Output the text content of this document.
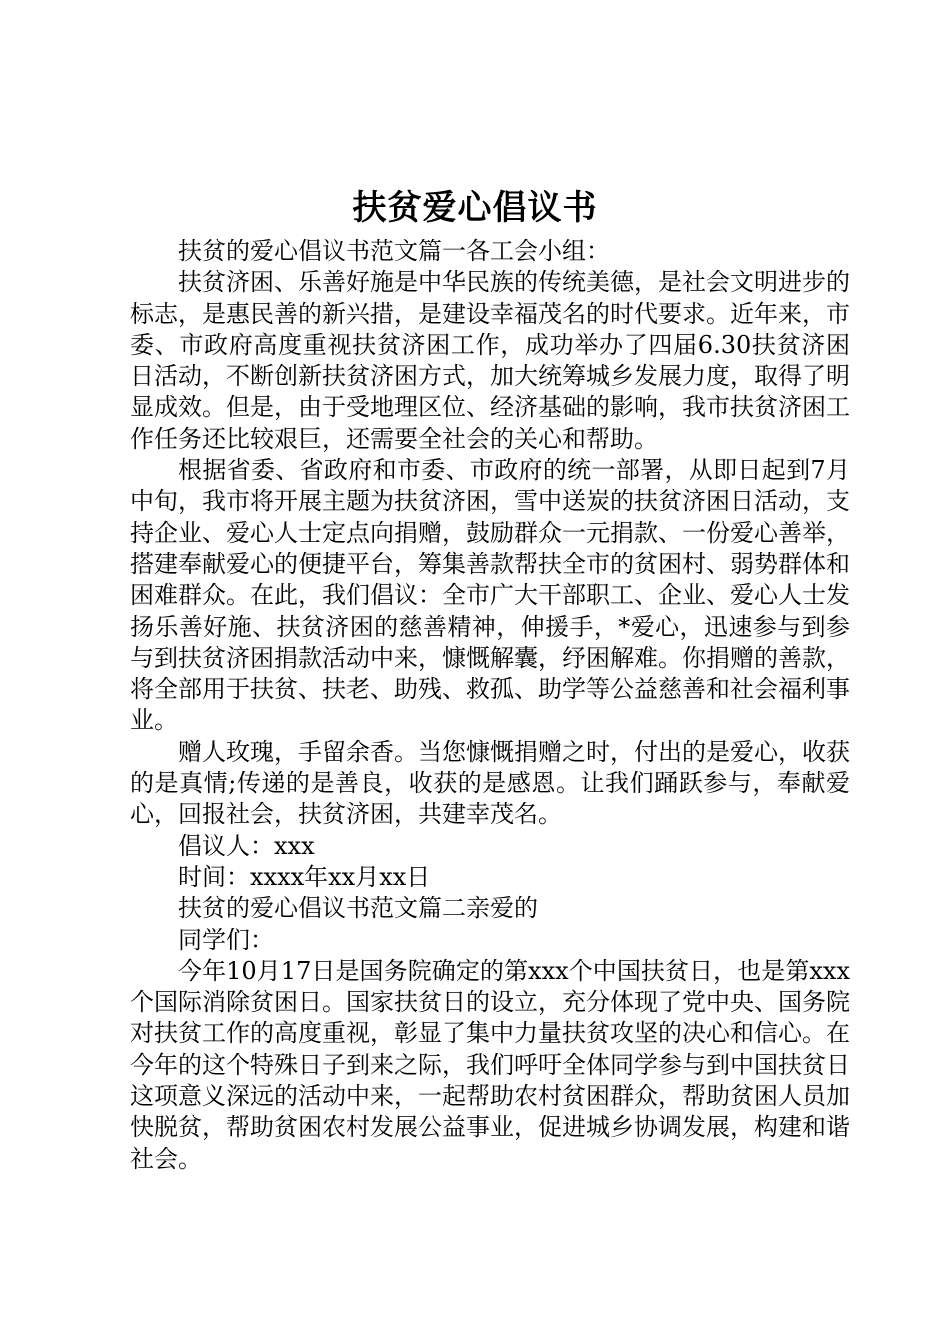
扶贫爱心倡议书

扶贫的爱心倡议书范文篇一各工会小组：

扶贫济困、乐善好施是中华民族的传统美德，是社会文明进步的标志，是惠民善的新兴措，是建设幸福茂名的时代要求。近年来，市委、市政府高度重视扶贫济困工作，成功举办了四届6.30扶贫济困日活动，不断创新扶贫济困方式，加大统筹城乡发展力度，取得了明显成效。但是，由于受地理区位、经济基础的影响，我市扶贫济困工作任务还比较艰巨，还需要全社会的关心和帮助。

根据省委、省政府和市委、市政府的统一部署，从即日起到7月中旬，我市将开展主题为扶贫济困，雪中送炭的扶贫济困日活动，支持企业、爱心人士定点向捐赠，鼓励群众一元捐款、一份爱心善举，搭建奉献爱心的便捷平台，筹集善款帮扶全市的贫困村、弱势群体和困难群众。在此，我们倡议：全市广大干部职工、企业、爱心人士发扬乐善好施、扶贫济困的慈善精神，伸援手，*爱心，迅速参与到参与到扶贫济困捐款活动中来，慷慨解囊，纾困解难。你捐赠的善款，将全部用于扶贫、扶老、助残、救孤、助学等公益慈善和社会福利事业。

赠人玫瑰，手留余香。当您慷慨捐赠之时，付出的是爱心，收获的是真情;传递的是善良，收获的是感恩。让我们踊跃参与，奉献爱心，回报社会，扶贫济困，共建幸茂名。

倡议人：xxx

时间：xxxx年xx月xx日

扶贫的爱心倡议书范文篇二亲爱的

同学们：

今年10月17日是国务院确定的第xxx个中国扶贫日，也是第xxx个国际消除贫困日。国家扶贫日的设立，充分体现了党中央、国务院对扶贫工作的高度重视，彰显了集中力量扶贫攻坚的决心和信心。在今年的这个特殊日子到来之际，我们呼吁全体同学参与到中国扶贫日这项意义深远的活动中来，一起帮助农村贫困群众，帮助贫困人员加快脱贫，帮助贫困农村发展公益事业，促进城乡协调发展，构建和谐社会。
